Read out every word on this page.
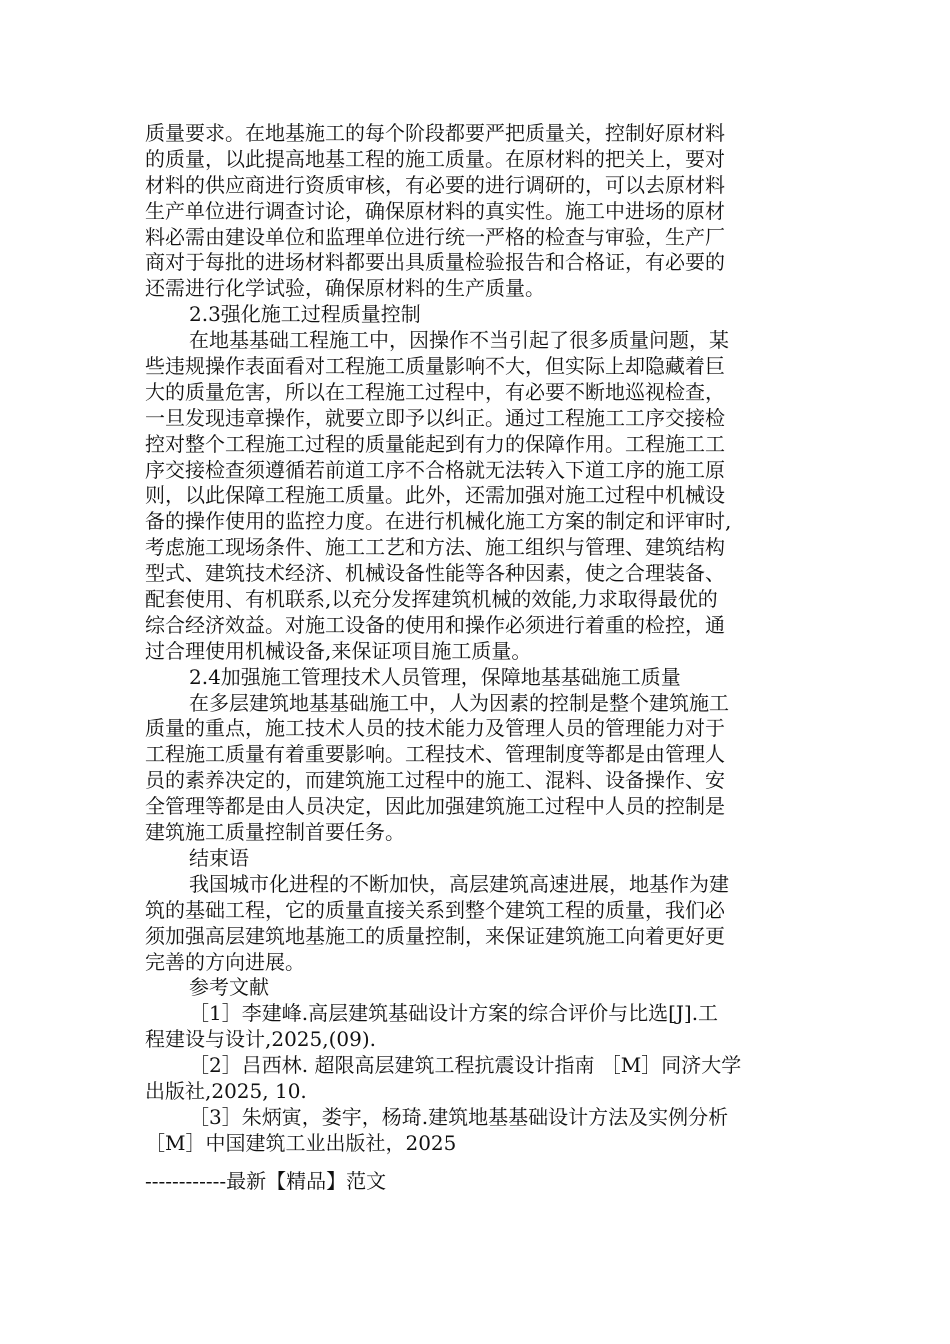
质量要求。在地基施工的每个阶段都要严把质量关，控制好原材料
的质量，以此提高地基工程的施工质量。在原材料的把关上，要对
材料的供应商进行资质审核，有必要的进行调研的，可以去原材料
生产单位进行调查讨论，确保原材料的真实性。施工中进场的原材
料必需由建设单位和监理单位进行统一严格的检查与审验，生产厂
商对于每批的进场材料都要出具质量检验报告和合格证，有必要的
还需进行化学试验，确保原材料的生产质量。
2.3强化施工过程质量控制
在地基基础工程施工中，因操作不当引起了很多质量问题，某
些违规操作表面看对工程施工质量影响不大，但实际上却隐藏着巨
大的质量危害，所以在工程施工过程中，有必要不断地巡视检查，
一旦发现违章操作，就要立即予以纠正。通过工程施工工序交接检
控对整个工程施工过程的质量能起到有力的保障作用。工程施工工
序交接检查须遵循若前道工序不合格就无法转入下道工序的施工原
则，以此保障工程施工质量。此外，还需加强对施工过程中机械设
备的操作使用的监控力度。在进行机械化施工方案的制定和评审时,
考虑施工现场条件、施工工艺和方法、施工组织与管理、建筑结构
型式、建筑技术经济、机械设备性能等各种因素，使之合理装备、
配套使用、有机联系,以充分发挥建筑机械的效能,力求取得最优的
综合经济效益。对施工设备的使用和操作必须进行着重的检控，通
过合理使用机械设备,来保证项目施工质量。
2.4加强施工管理技术人员管理，保障地基基础施工质量
在多层建筑地基基础施工中，人为因素的控制是整个建筑施工
质量的重点，施工技术人员的技术能力及管理人员的管理能力对于
工程施工质量有着重要影响。工程技术、管理制度等都是由管理人
员的素养决定的，而建筑施工过程中的施工、混料、设备操作、安
全管理等都是由人员决定，因此加强建筑施工过程中人员的控制是
建筑施工质量控制首要任务。
结束语
我国城市化进程的不断加快，高层建筑高速进展，地基作为建
筑的基础工程，它的质量直接关系到整个建筑工程的质量，我们必
须加强高层建筑地基施工的质量控制，来保证建筑施工向着更好更
完善的方向进展。
参考文献
［1］李建峰.高层建筑基础设计方案的综合评价与比选[J].工
程建设与设计,2025,(09).
［2］吕西林. 超限高层建筑工程抗震设计指南 ［M］同济大学
出版社,2025, 10.
［3］朱炳寅，娄宇，杨琦.建筑地基基础设计方法及实例分析
［M］中国建筑工业出版社，2025
------------最新【精品】范文
